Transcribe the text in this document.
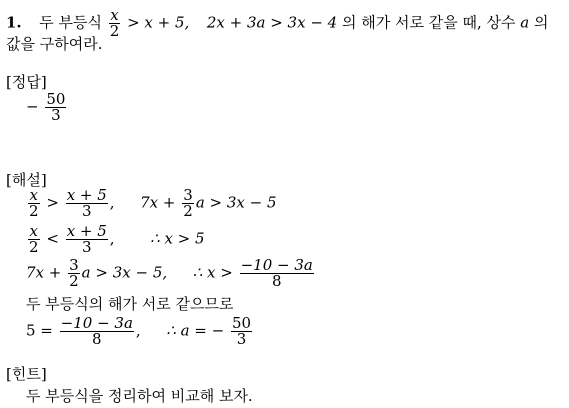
1. 두 부등식 $\frac{x}{2} > x + 5$, 2x + 3a > 3x − 4 의 해가 서로 같을 때, 상수 a 의
값을 구하여라.
[정답]
− $\frac{50}{3}$
[해설]
$\frac{x}{2} > \frac{x + 5}{3}$ , $7x + \frac{3}{2}$ a > 3x − 5
$\frac{x}{2} < \frac{x + 5}{3}$ , ∴ x > 5
$7x + \frac{3}{2}$ a > 3x − 5, ∴ $x > \frac{-10 - 3a}{8}$
두 부등식의 해가 서로 같으므로
$5 = \frac{-10 - 3a}{8}$ , ∴ a = − $\frac{50}{3}$
[힌트]
두 부등식을 정리하여 비교해 보자.
